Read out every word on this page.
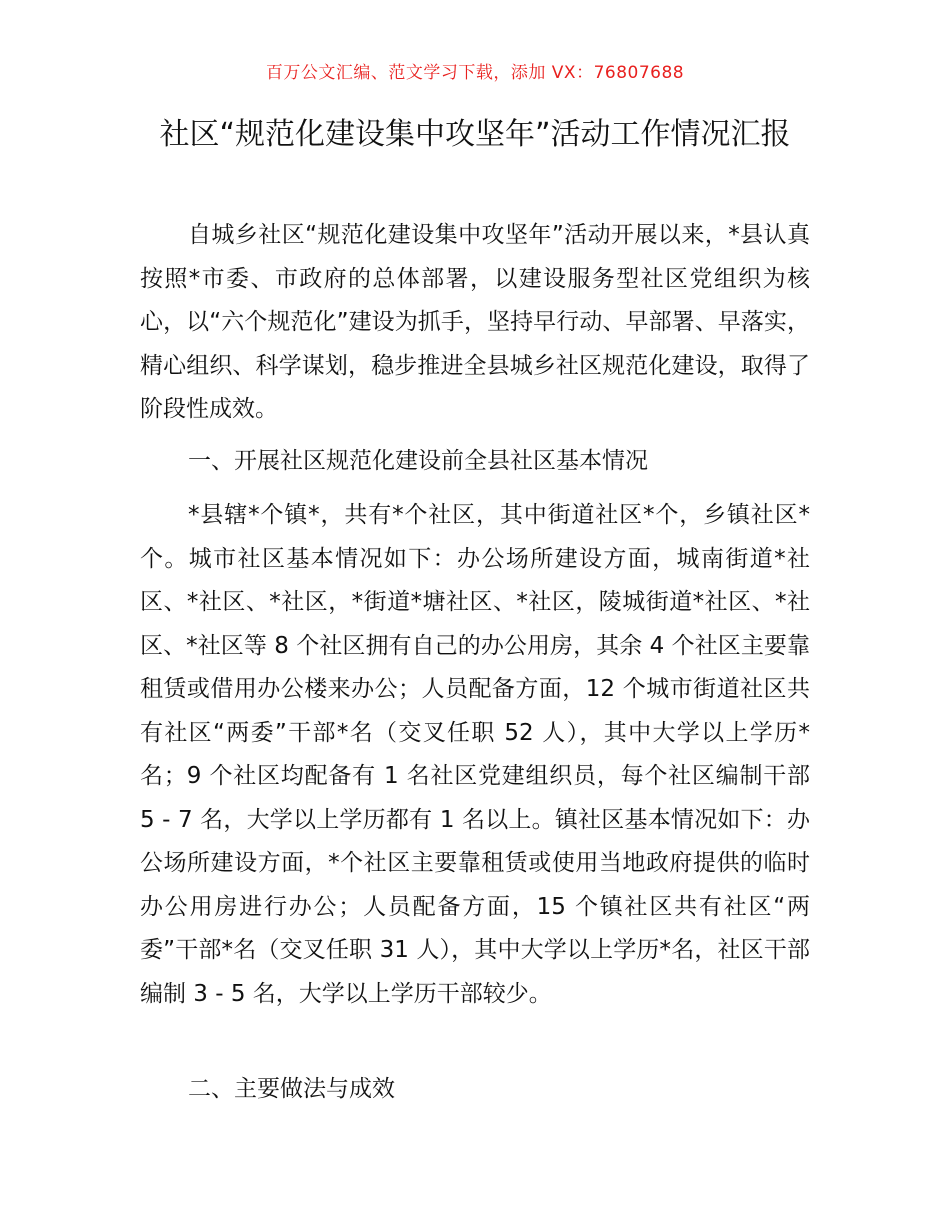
百万公文汇编、范文学习下载，添加 VX：76807688
社区“规范化建设集中攻坚年”活动工作情况汇报
自城乡社区“规范化建设集中攻坚年”活动开展以来，*县认真按照*市委、市政府的总体部署，以建设服务型社区党组织为核心，以“六个规范化”建设为抓手，坚持早行动、早部署、早落实，精心组织、科学谋划，稳步推进全县城乡社区规范化建设，取得了阶段性成效。
一、开展社区规范化建设前全县社区基本情况
*县辖*个镇*，共有*个社区，其中街道社区*个，乡镇社区*个。城市社区基本情况如下：办公场所建设方面，城南街道*社区、*社区、*社区，*街道*塘社区、*社区，陵城街道*社区、*社区、*社区等 8 个社区拥有自己的办公用房，其余 4 个社区主要靠租赁或借用办公楼来办公；人员配备方面，12 个城市街道社区共有社区“两委”干部*名（交叉任职 52 人），其中大学以上学历*名；9 个社区均配备有 1 名社区党建组织员，每个社区编制干部 5 - 7 名，大学以上学历都有 1 名以上。镇社区基本情况如下：办公场所建设方面，*个社区主要靠租赁或使用当地政府提供的临时办公用房进行办公；人员配备方面，15 个镇社区共有社区“两委”干部*名（交叉任职 31 人），其中大学以上学历*名，社区干部编制 3 - 5 名，大学以上学历干部较少。
二、主要做法与成效
